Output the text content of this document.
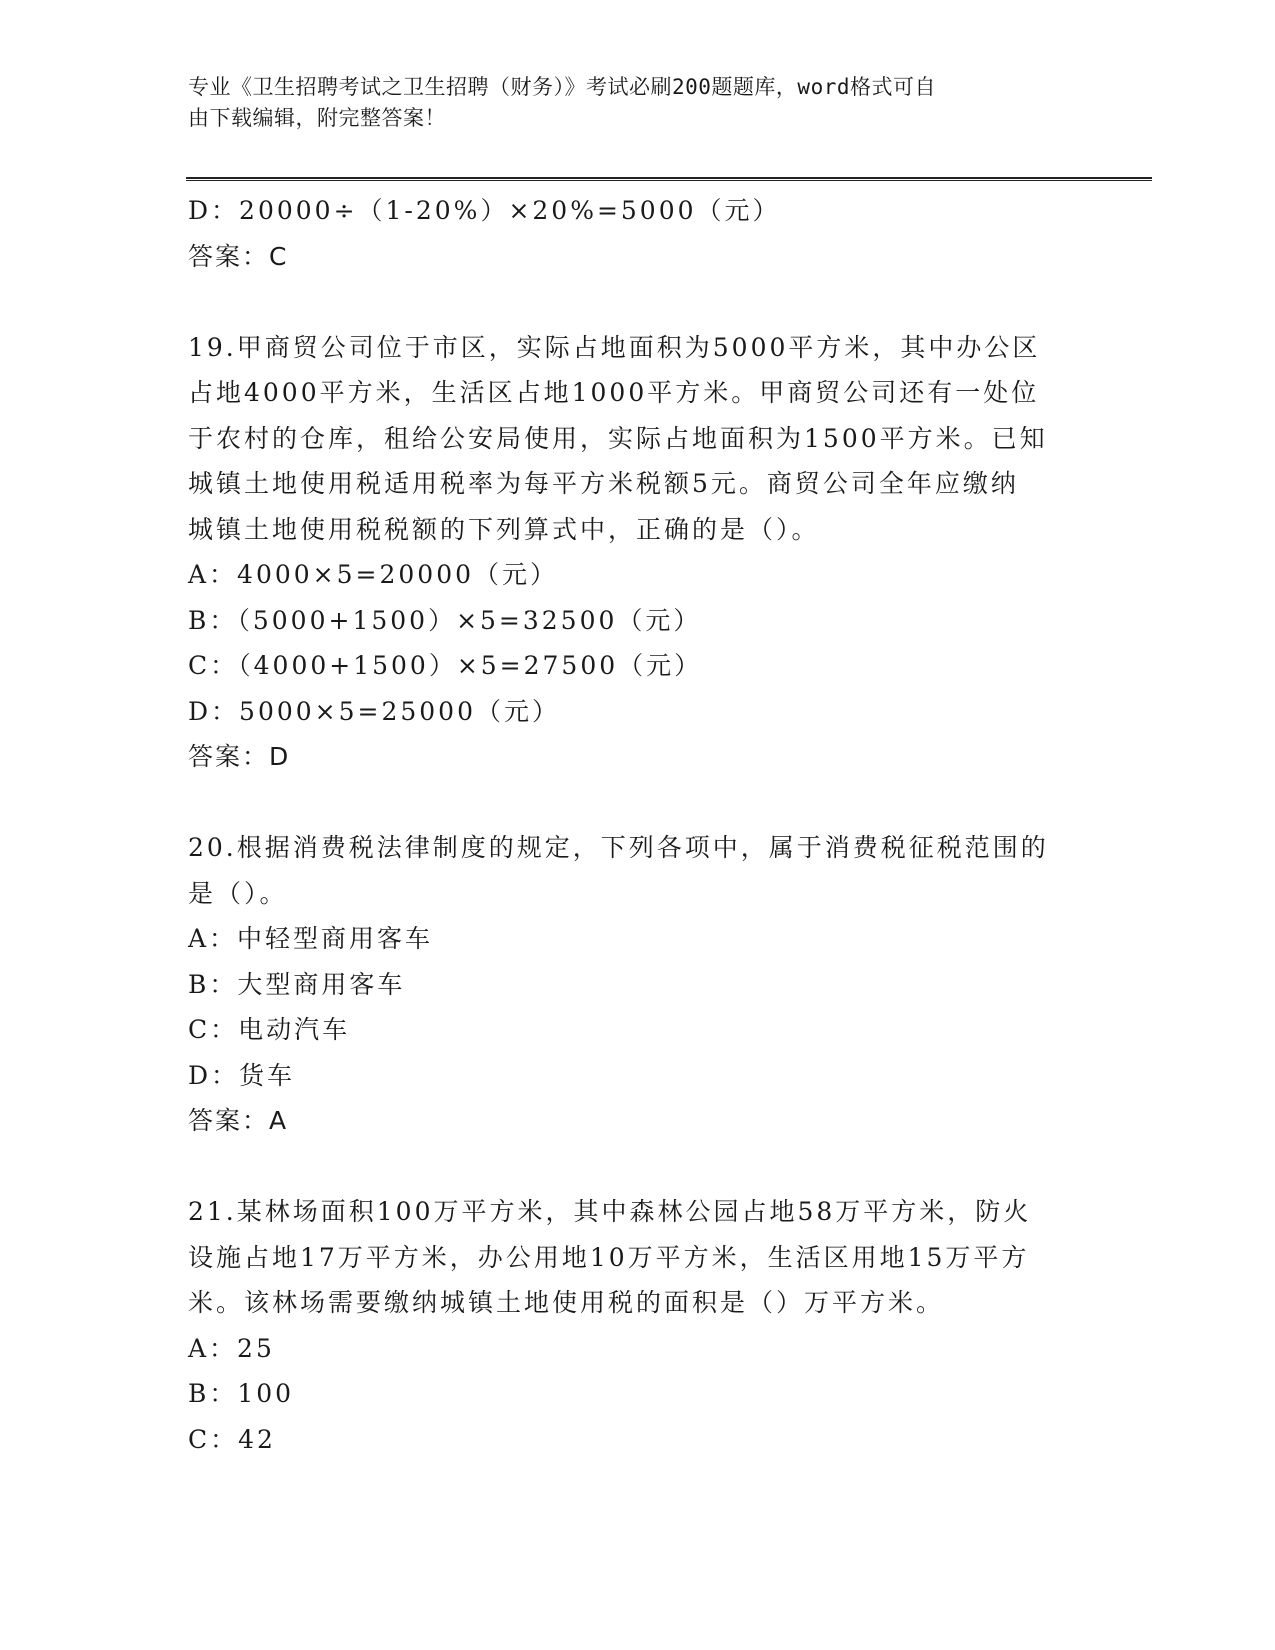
专业《卫生招聘考试之卫生招聘（财务）》考试必刷200题题库，word格式可自
由下载编辑，附完整答案！
D：20000÷（1-20%）×20%=5000（元）
答案：C
19.甲商贸公司位于市区，实际占地面积为5000平方米，其中办公区
占地4000平方米，生活区占地1000平方米。甲商贸公司还有一处位
于农村的仓库，租给公安局使用，实际占地面积为1500平方米。已知
城镇土地使用税适用税率为每平方米税额5元。商贸公司全年应缴纳
城镇土地使用税税额的下列算式中，正确的是（）。
A：4000×5=20000（元）
B：（5000+1500）×5=32500（元）
C：（4000+1500）×5=27500（元）
D：5000×5=25000（元）
答案：D
20.根据消费税法律制度的规定，下列各项中，属于消费税征税范围的
是（）。
A：中轻型商用客车
B：大型商用客车
C：电动汽车
D：货车
答案：A
21.某林场面积100万平方米，其中森林公园占地58万平方米，防火
设施占地17万平方米，办公用地10万平方米，生活区用地15万平方
米。该林场需要缴纳城镇土地使用税的面积是（）万平方米。
A：25
B：100
C：42
